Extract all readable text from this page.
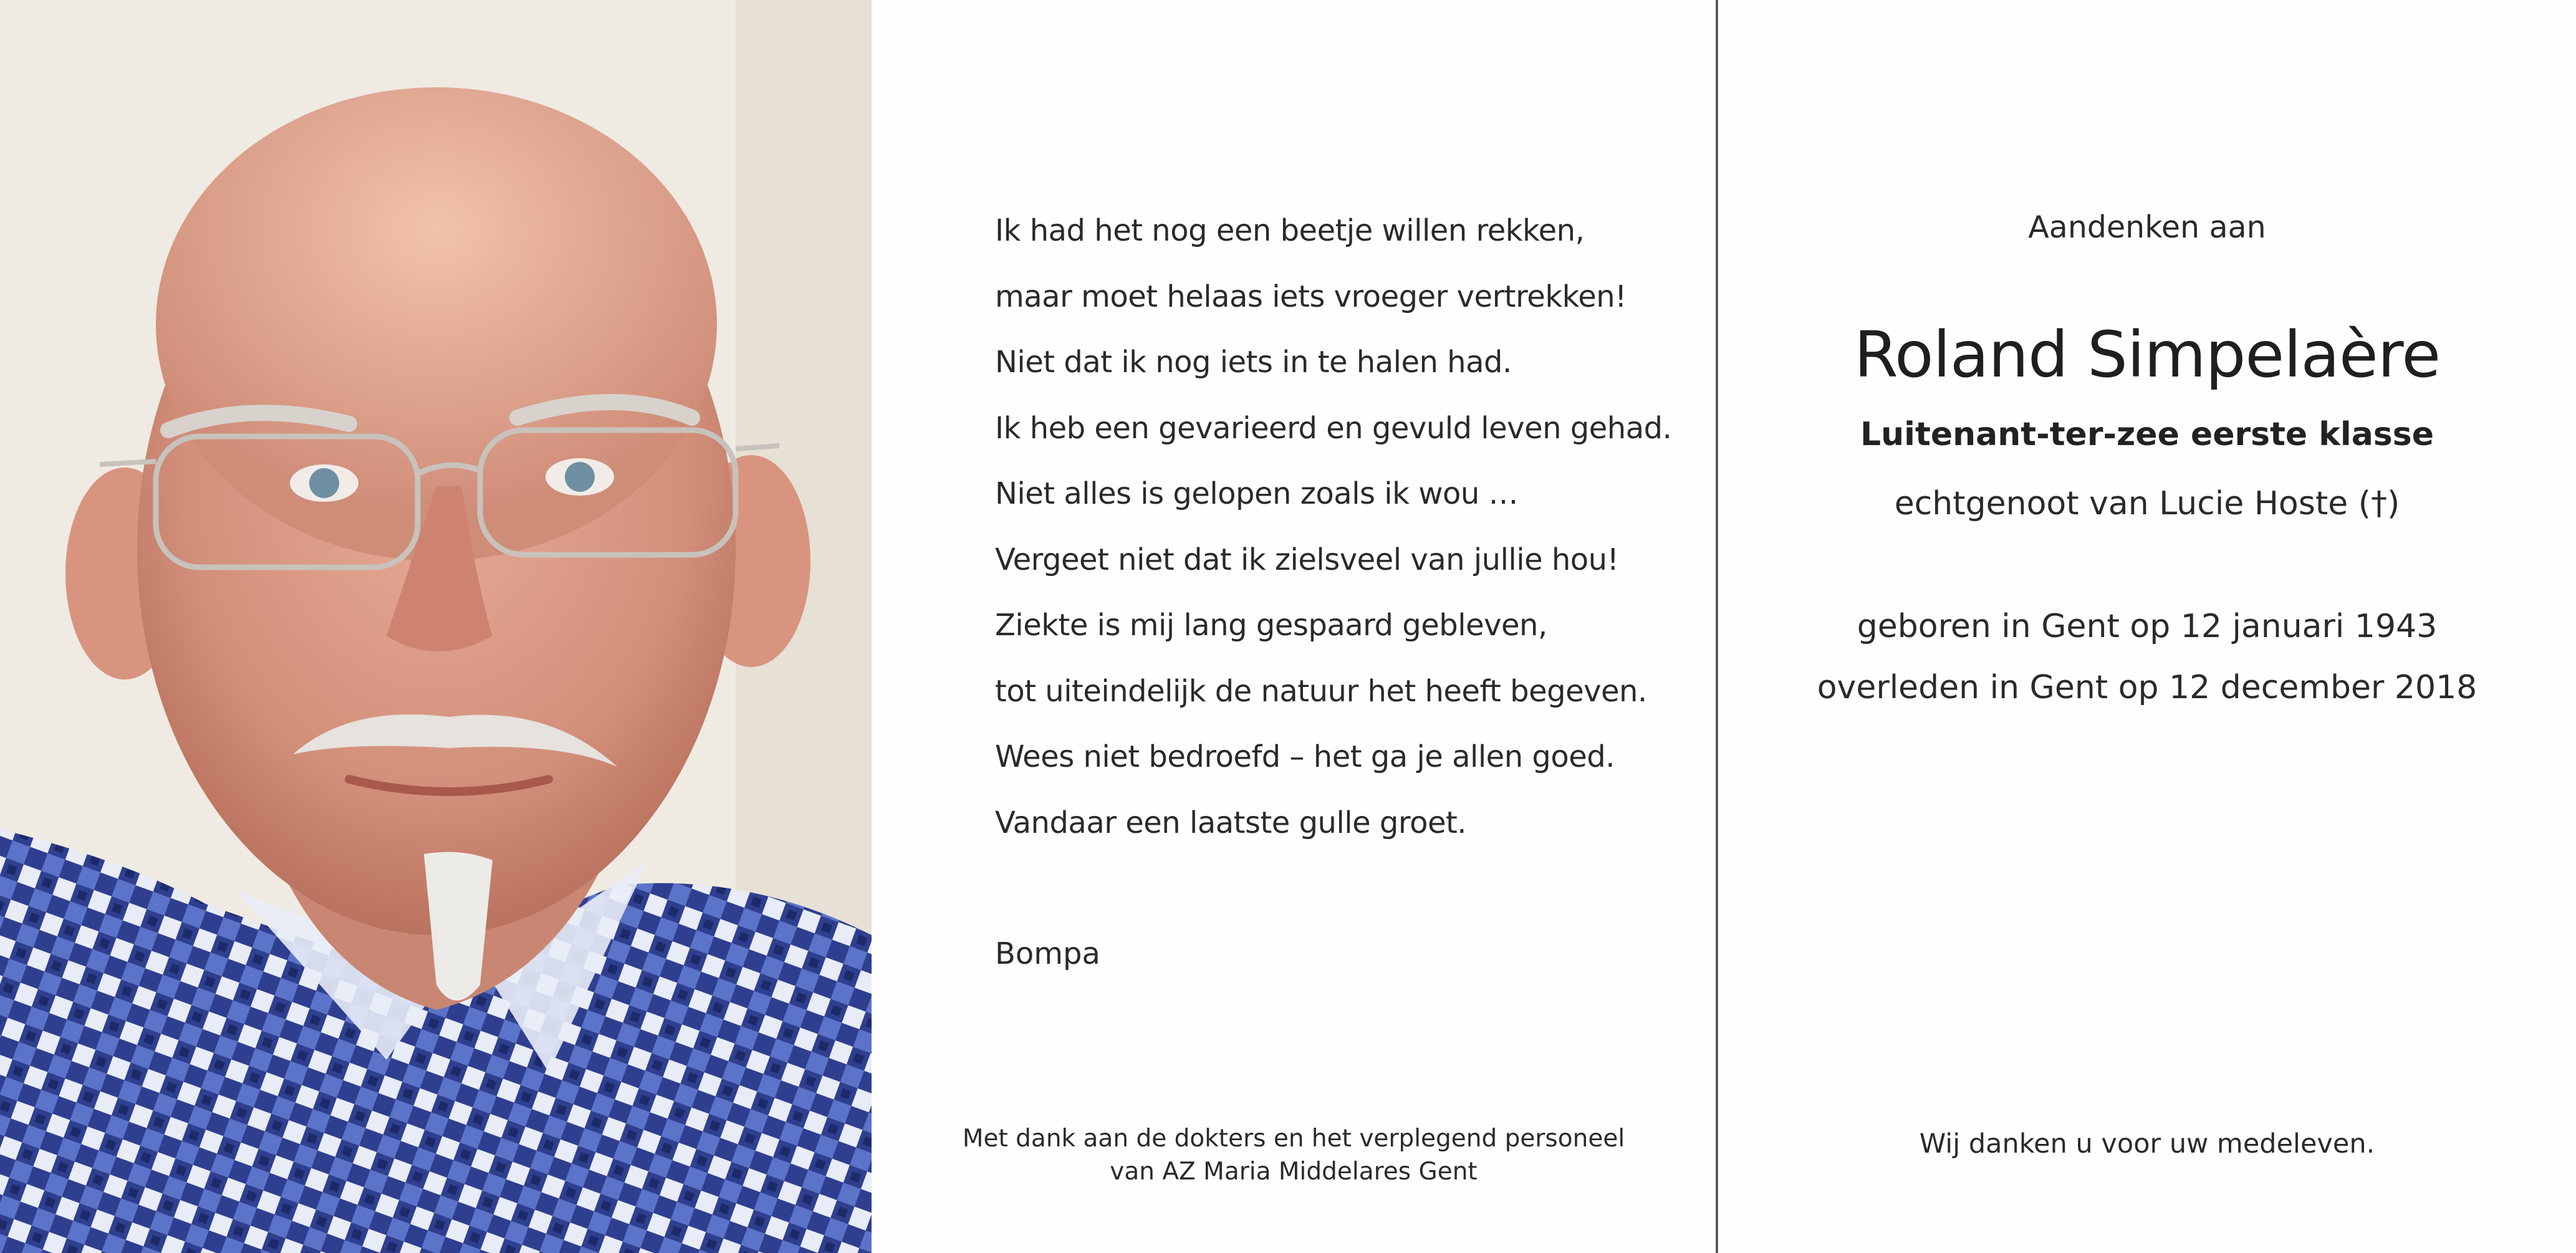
Ik had het nog een beetje willen rekken,
maar moet helaas iets vroeger vertrekken!
Niet dat ik nog iets in te halen had.
Ik heb een gevarieerd en gevuld leven gehad.
Niet alles is gelopen zoals ik wou …
Vergeet niet dat ik zielsveel van jullie hou!
Ziekte is mij lang gespaard gebleven,
tot uiteindelijk de natuur het heeft begeven.
Wees niet bedroefd – het ga je allen goed.
Vandaar een laatste gulle groet.
Bompa
Met dank aan de dokters en het verplegend personeel
van AZ Maria Middelares Gent
Aandenken aan
Roland Simpelaère
Luitenant-ter-zee eerste klasse
echtgenoot van Lucie Hoste (†)
geboren in Gent op 12 januari 1943
overleden in Gent op 12 december 2018
Wij danken u voor uw medeleven.
